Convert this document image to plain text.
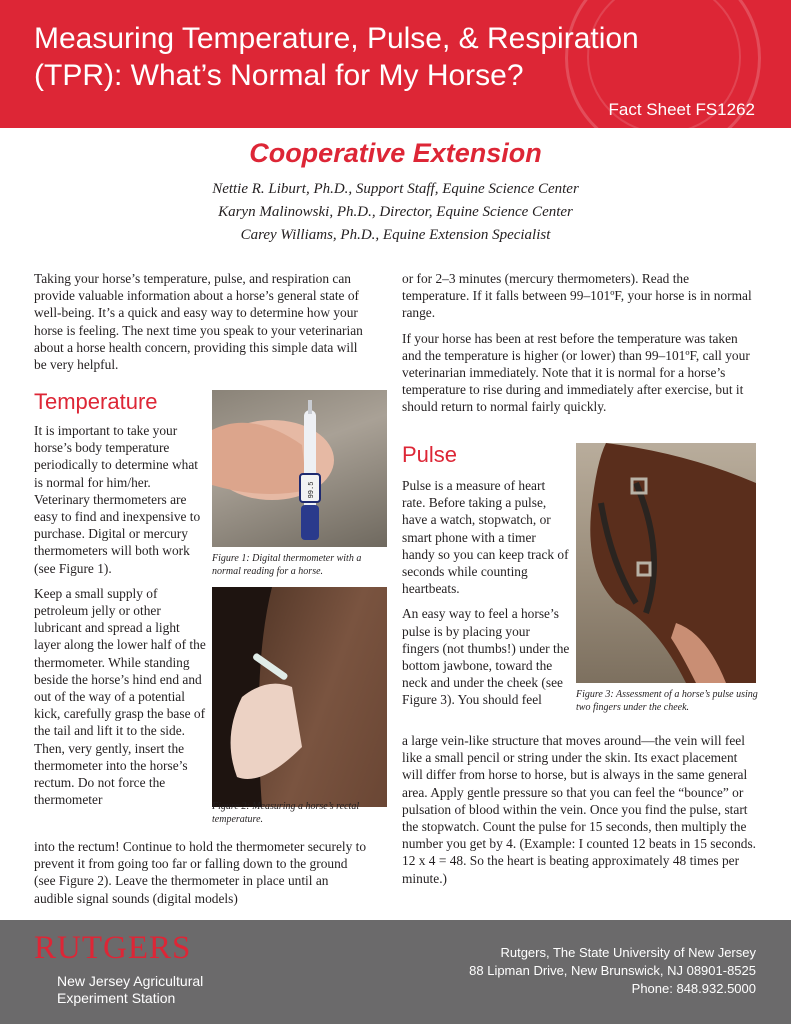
Measuring Temperature, Pulse, & Respiration
(TPR): What’s Normal for My Horse?
Fact Sheet FS1262
Cooperative Extension
Nettie R. Liburt, Ph.D., Support Staff, Equine Science Center
Karyn Malinowski, Ph.D., Director, Equine Science Center
Carey Williams, Ph.D., Equine Extension Specialist
Taking your horse’s temperature, pulse, and respiration can provide valuable information about a horse’s general state of well-being. It’s a quick and easy way to determine how your horse is feeling. The next time you speak to your veterinarian about a horse health concern, providing this simple data will be very helpful.
Temperature

It is important to take your horse’s body temperature periodically to determine what is normal for him/her. Veterinary thermometers are easy to find and inexpensive to purchase. Digital or mercury thermometers will both work (see Figure 1).

Keep a small supply of petroleum jelly or other lubricant and spread a light layer along the lower half of the thermometer. While standing beside the horse’s hind end and out of the way of a potential kick, carefully grasp the base of the tail and lift it to the side. Then, very gently, insert the thermometer into the horse’s rectum. Do not force the thermometer

into the rectum! Continue to hold the thermometer securely to prevent it from going too far or falling down to the ground (see Figure 2). Leave the thermometer in place until an audible signal sounds (digital models)
99.5
Figure 1: Digital thermometer with a normal reading for a horse.
Figure 2: Measuring a horse’s rectal temperature.

or for 2–3 minutes (mercury thermometers). Read the temperature. If it falls between 99–101ºF, your horse is in normal range.

If your horse has been at rest before the temperature was taken and the temperature is higher (or lower) than 99–101ºF, call your veterinarian immediately. Note that it is normal for a horse’s temperature to rise during and immediately after exercise, but it should return to normal fairly quickly.

Pulse

Pulse is a measure of heart rate. Before taking a pulse, have a watch, stopwatch, or smart phone with a timer handy so you can keep track of seconds while counting heartbeats.

An easy way to feel a horse’s pulse is by placing your fingers (not thumbs!) under the bottom jawbone, toward the neck and under the cheek (see Figure 3). You should feel

a large vein-like structure that moves around—the vein will feel like a small pencil or string under the skin. Its exact placement will differ from horse to horse, but is always in the same general area. Apply gentle pressure so that you can feel the “bounce” or pulsation of blood within the vein. Once you find the pulse, start the stopwatch. Count the pulse for 15 seconds, then multiply the number you get by 4. (Example: I counted 12 beats in 15 seconds. 12 x 4 = 48. So the heart is beating approximately 48 times per minute.)
Figure 3: Assessment of a horse’s pulse using two fingers under the cheek.
RUTGERS
New Jersey Agricultural
Experiment Station
Rutgers, The State University of New Jersey
88 Lipman Drive, New Brunswick, NJ 08901-8525
Phone: 848.932.5000
